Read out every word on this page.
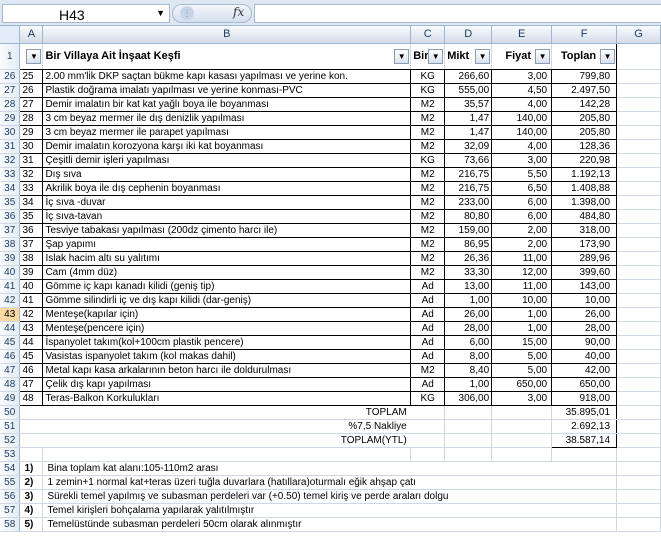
H43	▼ ⋮	fx
	A	B	C	D	E	F	G
1	▼	Bir Villaya Ait İnşaat Keşfi ▼	Bir ▼	Mikt ▼	Fiyat ▼	Toplan ▼	

26	25	2.00 mm'lik DKP saçtan bükme kapı kasası yapılması ve yerine kon.	KG	266,60	3,00	799,80	
27	26	Plastik doğrama imalatı yapılması ve yerine konması-PVC	KG	555,00	4,50	2.497,50	
28	27	Demir imalatın bir kat kat yağlı boya ile boyanması	M2	35,57	4,00	142,28	
29	28	3 cm beyaz mermer ile dış denizlik yapılması	M2	1,47	140,00	205,80	
30	29	3 cm beyaz mermer ile parapet yapılması	M2	1,47	140,00	205,80	
31	30	Demir imalatın korozyona karşı iki kat boyanması	M2	32,09	4,00	128,36	
32	31	Çeşitli demir işleri yapılması	KG	73,66	3,00	220,98	
33	32	Dış sıva	M2	216,75	5,50	1.192,13	
34	33	Akrilik boya ile dış cephenin boyanması	M2	216,75	6,50	1.408,88	
35	34	İç sıva -duvar	M2	233,00	6,00	1.398,00	
36	35	İç sıva-tavan	M2	80,80	6,00	484,80	
37	36	Tesviye tabakası yapılması (200dz çimento harcı ile)	M2	159,00	2,00	318,00	
38	37	Şap yapımı	M2	86,95	2,00	173,90	
39	38	Islak hacim altı su yalıtımı	M2	26,36	11,00	289,96	
40	39	Cam (4mm düz)	M2	33,30	12,00	399,60	
41	40	Gömme iç kapı kanadı kilidi (geniş tip)	Ad	13,00	11,00	143,00	
42	41	Gömme silindirli iç ve dış kapı kilidi (dar-geniş)	Ad	1,00	10,00	10,00	
43	42	Menteşe(kapılar için)	Ad	26,00	1,00	26,00	
44	43	Menteşe(pencere için)	Ad	28,00	1,00	28,00	
45	44	İspanyolet takım(kol+100cm plastik pencere)	Ad	6,00	15,00	90,00	
46	45	Vasistas ispanyolet takım (kol makas dahil)	Ad	8,00	5,00	40,00	
47	46	Metal kapı kasa arkalarının beton harcı ile doldurulması	M2	8,40	5,00	42,00	
48	47	Çelik dış kapı yapılması	Ad	1,00	650,00	650,00	
49	48	Teras-Balkon Korkulukları	KG	306,00	3,00	918,00	
50		TOPLAM				35.895,01	
51		%7,5 Nakliye				2.692,13	
52		TOPLAM(YTL)				38.587,14	
53							
54	1)	Bina toplam kat alanı:105-110m2 arası					
55	2)	1 zemin+1 normal kat+teras üzeri tuğla duvarlara (hatıllara)oturmalı eğik ahşap çatı					
56	3)	Sürekli temel yapılmış ve subasman perdeleri var (+0.50) temel kiriş ve perde araları dolgu					
57	4)	Temel kirişleri bohçalama yapılarak yalıtılmıştır					
58	5)	Temelüstünde subasman perdeleri 50cm olarak alınmıştır					
